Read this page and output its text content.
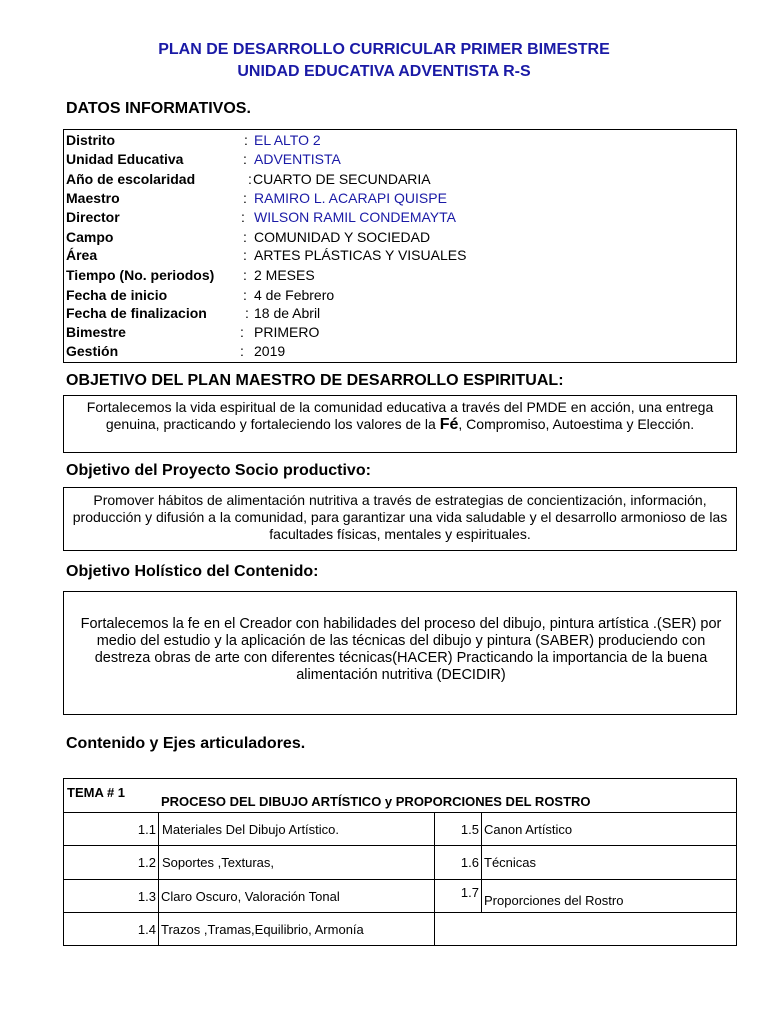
PLAN DE DESARROLLO CURRICULAR PRIMER BIMESTRE
UNIDAD EDUCATIVA ADVENTISTA R-S
DATOS INFORMATIVOS.
Distrito	: EL ALTO 2
Unidad Educativa	: ADVENTISTA
Año de escolaridad	: CUARTO DE SECUNDARIA
Maestro	: RAMIRO L. ACARAPI QUISPE
Director	: WILSON RAMIL CONDEMAYTA
Campo	: COMUNIDAD Y SOCIEDAD
Área	: ARTES PLÁSTICAS Y VISUALES
Tiempo (No. periodos)	: 2 MESES
Fecha de inicio	: 4 de Febrero
Fecha de finalizacion	: 18 de Abril
Bimestre	: PRIMERO
Gestión	: 2019
OBJETIVO DEL PLAN MAESTRO DE DESARROLLO ESPIRITUAL:
Fortalecemos la vida espiritual de la comunidad educativa a través del PMDE en acción, una entrega genuina, practicando y fortaleciendo los valores de la Fé, Compromiso, Autoestima y Elección.
Objetivo del Proyecto Socio productivo:
Promover hábitos de alimentación nutritiva a través de estrategias de concientización, información, producción y difusión a la comunidad, para garantizar una vida saludable y el desarrollo armonioso de las facultades físicas, mentales y espirituales.
Objetivo Holístico del Contenido:
Fortalecemos la fe en el Creador con habilidades del proceso del dibujo, pintura artística .(SER) por medio del estudio y la aplicación de las técnicas del dibujo y pintura (SABER) produciendo con destreza obras de arte con diferentes técnicas(HACER) Practicando la importancia de la buena alimentación nutritiva (DECIDIR)
Contenido y Ejes articuladores.
TEMA # 1
PROCESO DEL DIBUJO ARTÍSTICO y PROPORCIONES DEL ROSTRO			

1.1	Materiales Del Dibujo Artístico.	1.5	Canon Artístico
1.2	Soportes ,Texturas,	1.6	Técnicas
1.3	Claro Oscuro, Valoración Tonal	1.7	Proporciones del Rostro
1.4	Trazos ,Tramas,Equilibrio, Armonía		
